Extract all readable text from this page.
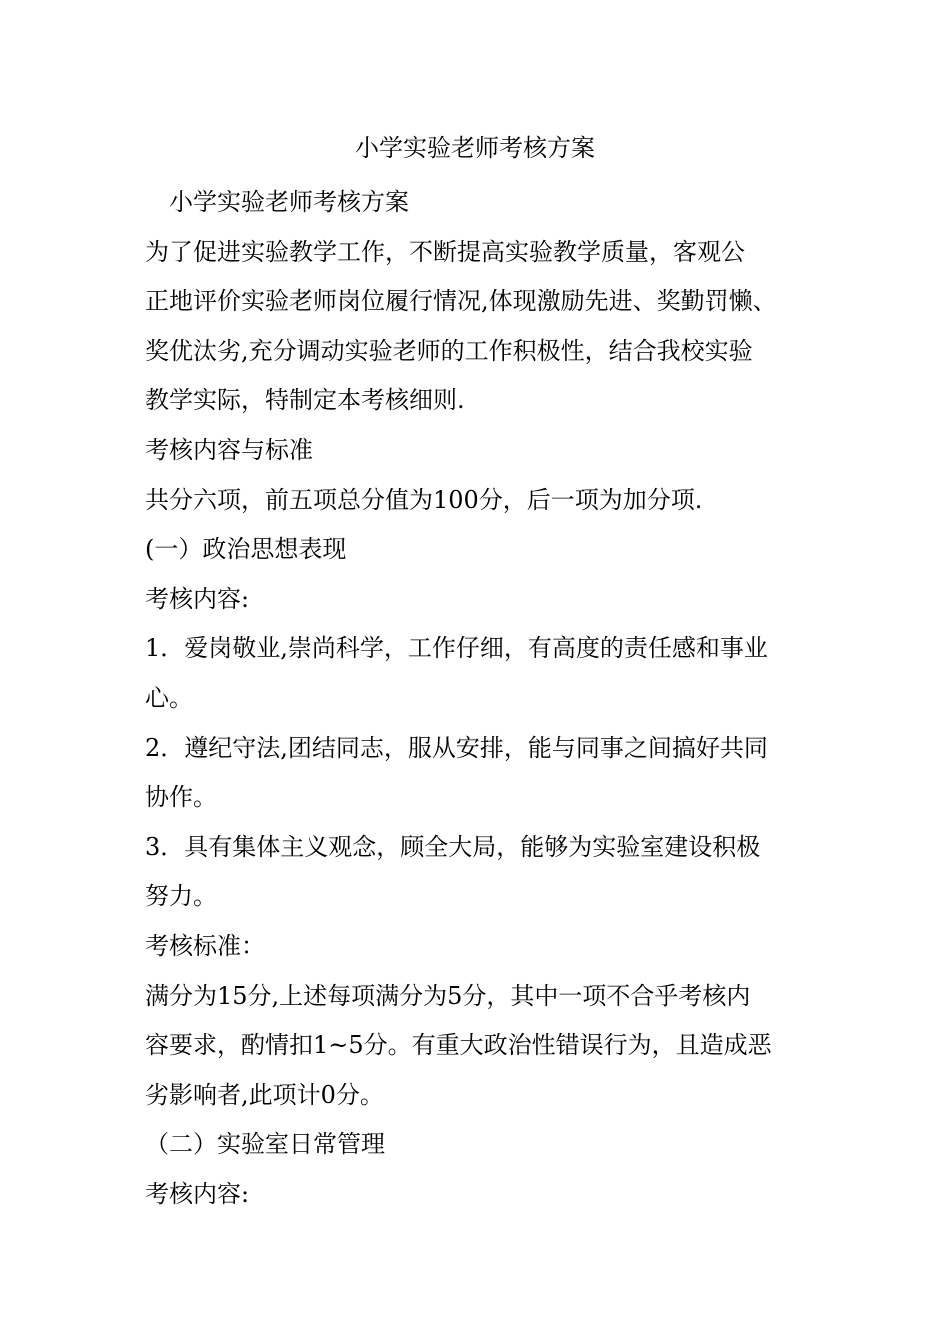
小学实验老师考核方案
小学实验老师考核方案
为了促进实验教学工作，不断提高实验教学质量，客观公
正地评价实验老师岗位履行情况,体现激励先进、奖勤罚懒、
奖优汰劣,充分调动实验老师的工作积极性，结合我校实验
教学实际，特制定本考核细则.
考核内容与标准
共分六项，前五项总分值为100分，后一项为加分项.
(一）政治思想表现
考核内容:
1．爱岗敬业,崇尚科学，工作仔细，有高度的责任感和事业
心。
2．遵纪守法,团结同志，服从安排，能与同事之间搞好共同
协作。
3．具有集体主义观念，顾全大局，能够为实验室建设积极
努力。
考核标准：
满分为15分,上述每项满分为5分，其中一项不合乎考核内
容要求，酌情扣1~5分。有重大政治性错误行为，且造成恶
劣影响者,此项计0分。
（二）实验室日常管理
考核内容:
